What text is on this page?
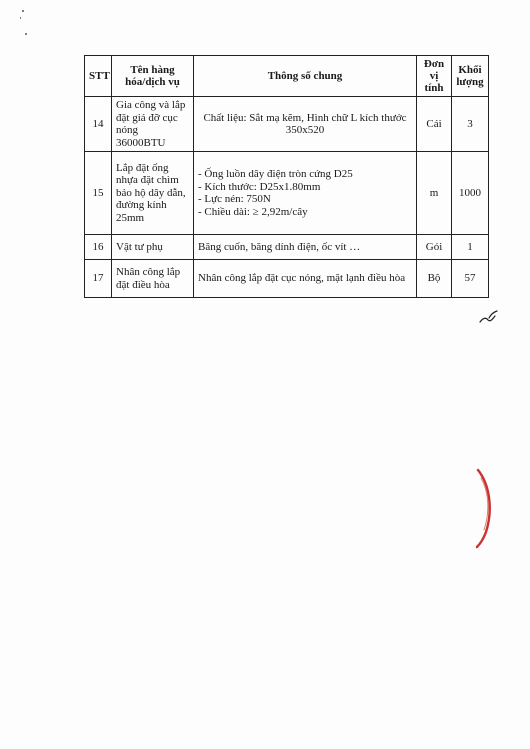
STT	Tên hàng hóa/dịch vụ	Thông số chung	Đơn vị tính	Khối lượng
14	Gia công và lắp đặt giá đỡ cục nóng 36000BTU	Chất liệu: Sắt mạ kẽm, Hình chữ L kích thước 350x520	Cái	3
15	Lắp đặt ống nhựa đặt chìm bảo hộ dây dẫn, đường kính 25mm	- Ống luồn dây điện tròn cứng D25
- Kích thước: D25x1.80mm
- Lực nén: 750N
- Chiều dài: ≥ 2,92m/cây	m	1000
16	Vật tư phụ	Băng cuốn, băng dính điện, ốc vít …	Gói	1
17	Nhân công lắp đặt điều hòa	Nhân công lắp đặt cục nóng, mặt lạnh điều hòa	Bộ	57
